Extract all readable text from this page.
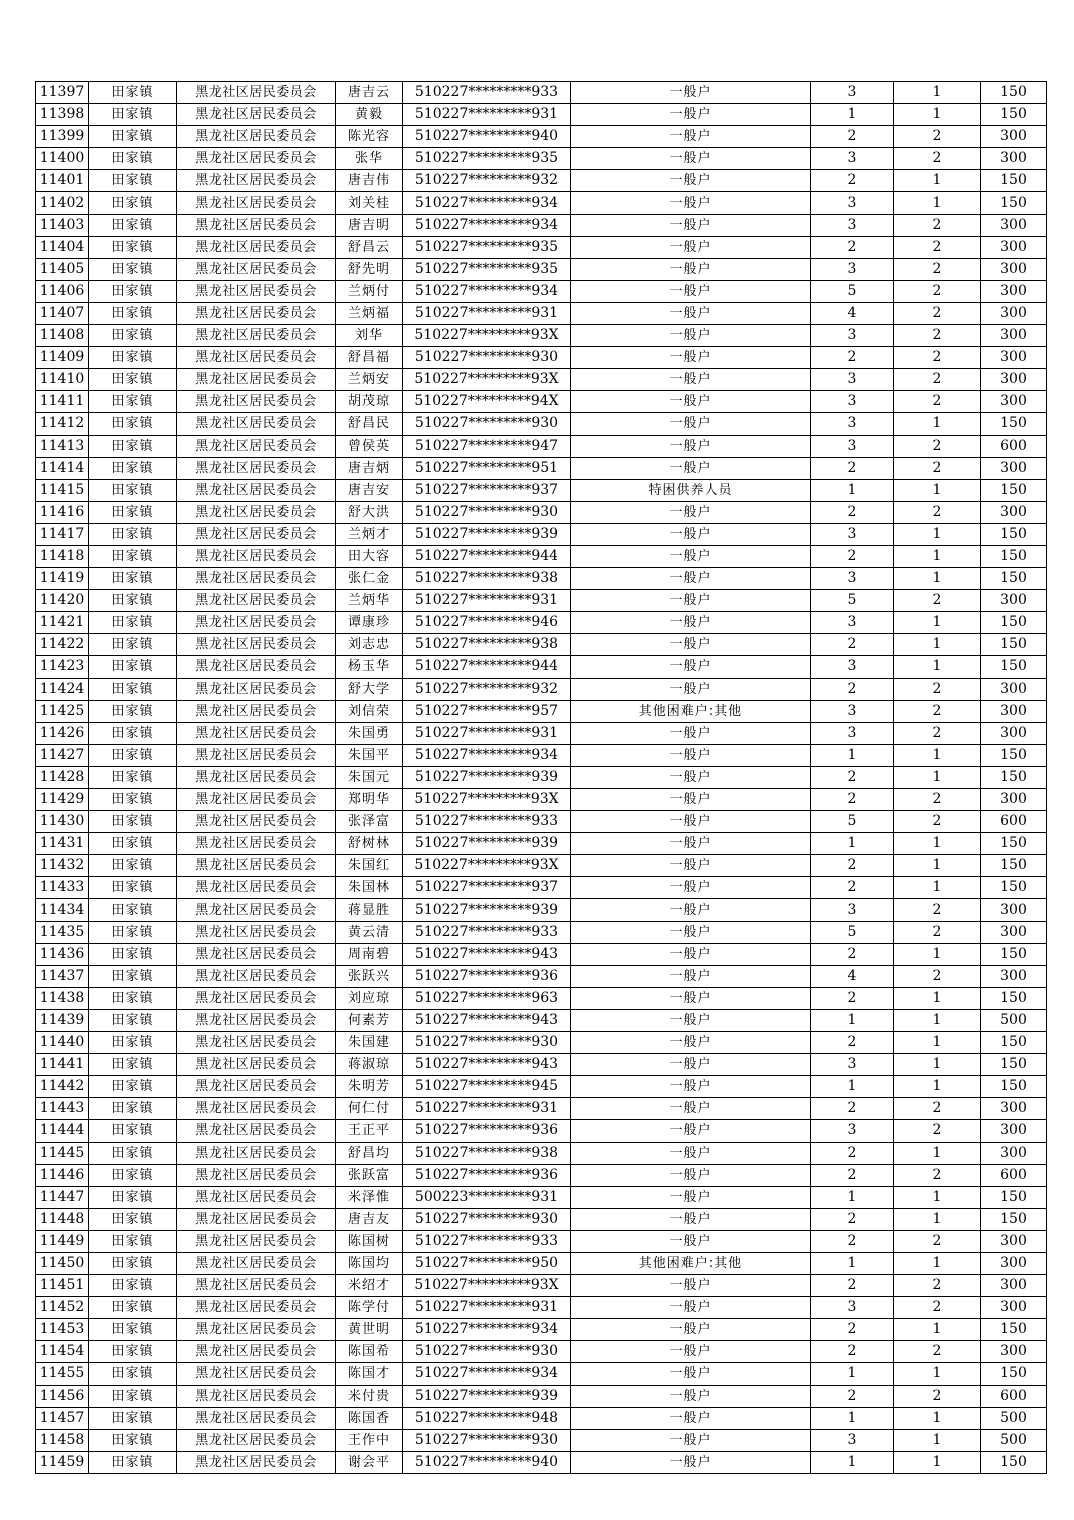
11397	田家镇	黑龙社区居民委员会	唐吉云	510227*********933	一般户	3	1	150
11398	田家镇	黑龙社区居民委员会	黄毅	510227*********931	一般户	1	1	150
11399	田家镇	黑龙社区居民委员会	陈光容	510227*********940	一般户	2	2	300
11400	田家镇	黑龙社区居民委员会	张华	510227*********935	一般户	3	2	300
11401	田家镇	黑龙社区居民委员会	唐吉伟	510227*********932	一般户	2	1	150
11402	田家镇	黑龙社区居民委员会	刘关桂	510227*********934	一般户	3	1	150
11403	田家镇	黑龙社区居民委员会	唐吉明	510227*********934	一般户	3	2	300
11404	田家镇	黑龙社区居民委员会	舒昌云	510227*********935	一般户	2	2	300
11405	田家镇	黑龙社区居民委员会	舒先明	510227*********935	一般户	3	2	300
11406	田家镇	黑龙社区居民委员会	兰炳付	510227*********934	一般户	5	2	300
11407	田家镇	黑龙社区居民委员会	兰炳福	510227*********931	一般户	4	2	300
11408	田家镇	黑龙社区居民委员会	刘华	510227*********93X	一般户	3	2	300
11409	田家镇	黑龙社区居民委员会	舒昌福	510227*********930	一般户	2	2	300
11410	田家镇	黑龙社区居民委员会	兰炳安	510227*********93X	一般户	3	2	300
11411	田家镇	黑龙社区居民委员会	胡茂琼	510227*********94X	一般户	3	2	300
11412	田家镇	黑龙社区居民委员会	舒昌民	510227*********930	一般户	3	1	150
11413	田家镇	黑龙社区居民委员会	曾侯英	510227*********947	一般户	3	2	600
11414	田家镇	黑龙社区居民委员会	唐吉炳	510227*********951	一般户	2	2	300
11415	田家镇	黑龙社区居民委员会	唐吉安	510227*********937	特困供养人员	1	1	150
11416	田家镇	黑龙社区居民委员会	舒大洪	510227*********930	一般户	2	2	300
11417	田家镇	黑龙社区居民委员会	兰炳才	510227*********939	一般户	3	1	150
11418	田家镇	黑龙社区居民委员会	田大容	510227*********944	一般户	2	1	150
11419	田家镇	黑龙社区居民委员会	张仁金	510227*********938	一般户	3	1	150
11420	田家镇	黑龙社区居民委员会	兰炳华	510227*********931	一般户	5	2	300
11421	田家镇	黑龙社区居民委员会	谭康珍	510227*********946	一般户	3	1	150
11422	田家镇	黑龙社区居民委员会	刘志忠	510227*********938	一般户	2	1	150
11423	田家镇	黑龙社区居民委员会	杨玉华	510227*********944	一般户	3	1	150
11424	田家镇	黑龙社区居民委员会	舒大学	510227*********932	一般户	2	2	300
11425	田家镇	黑龙社区居民委员会	刘信荣	510227*********957	其他困难户:其他	3	2	300
11426	田家镇	黑龙社区居民委员会	朱国勇	510227*********931	一般户	3	2	300
11427	田家镇	黑龙社区居民委员会	朱国平	510227*********934	一般户	1	1	150
11428	田家镇	黑龙社区居民委员会	朱国元	510227*********939	一般户	2	1	150
11429	田家镇	黑龙社区居民委员会	郑明华	510227*********93X	一般户	2	2	300
11430	田家镇	黑龙社区居民委员会	张泽富	510227*********933	一般户	5	2	600
11431	田家镇	黑龙社区居民委员会	舒树林	510227*********939	一般户	1	1	150
11432	田家镇	黑龙社区居民委员会	朱国红	510227*********93X	一般户	2	1	150
11433	田家镇	黑龙社区居民委员会	朱国林	510227*********937	一般户	2	1	150
11434	田家镇	黑龙社区居民委员会	蒋显胜	510227*********939	一般户	3	2	300
11435	田家镇	黑龙社区居民委员会	黄云清	510227*********933	一般户	5	2	300
11436	田家镇	黑龙社区居民委员会	周南碧	510227*********943	一般户	2	1	150
11437	田家镇	黑龙社区居民委员会	张跃兴	510227*********936	一般户	4	2	300
11438	田家镇	黑龙社区居民委员会	刘应琼	510227*********963	一般户	2	1	150
11439	田家镇	黑龙社区居民委员会	何素芳	510227*********943	一般户	1	1	500
11440	田家镇	黑龙社区居民委员会	朱国建	510227*********930	一般户	2	1	150
11441	田家镇	黑龙社区居民委员会	蒋淑琼	510227*********943	一般户	3	1	150
11442	田家镇	黑龙社区居民委员会	朱明芳	510227*********945	一般户	1	1	150
11443	田家镇	黑龙社区居民委员会	何仁付	510227*********931	一般户	2	2	300
11444	田家镇	黑龙社区居民委员会	王正平	510227*********936	一般户	3	2	300
11445	田家镇	黑龙社区居民委员会	舒昌均	510227*********938	一般户	2	1	300
11446	田家镇	黑龙社区居民委员会	张跃富	510227*********936	一般户	2	2	600
11447	田家镇	黑龙社区居民委员会	米泽惟	500223*********931	一般户	1	1	150
11448	田家镇	黑龙社区居民委员会	唐吉友	510227*********930	一般户	2	1	150
11449	田家镇	黑龙社区居民委员会	陈国树	510227*********933	一般户	2	2	300
11450	田家镇	黑龙社区居民委员会	陈国均	510227*********950	其他困难户:其他	1	1	300
11451	田家镇	黑龙社区居民委员会	米绍才	510227*********93X	一般户	2	2	300
11452	田家镇	黑龙社区居民委员会	陈学付	510227*********931	一般户	3	2	300
11453	田家镇	黑龙社区居民委员会	黄世明	510227*********934	一般户	2	1	150
11454	田家镇	黑龙社区居民委员会	陈国希	510227*********930	一般户	2	2	300
11455	田家镇	黑龙社区居民委员会	陈国才	510227*********934	一般户	1	1	150
11456	田家镇	黑龙社区居民委员会	米付贵	510227*********939	一般户	2	2	600
11457	田家镇	黑龙社区居民委员会	陈国香	510227*********948	一般户	1	1	500
11458	田家镇	黑龙社区居民委员会	王作中	510227*********930	一般户	3	1	500
11459	田家镇	黑龙社区居民委员会	谢会平	510227*********940	一般户	1	1	150
